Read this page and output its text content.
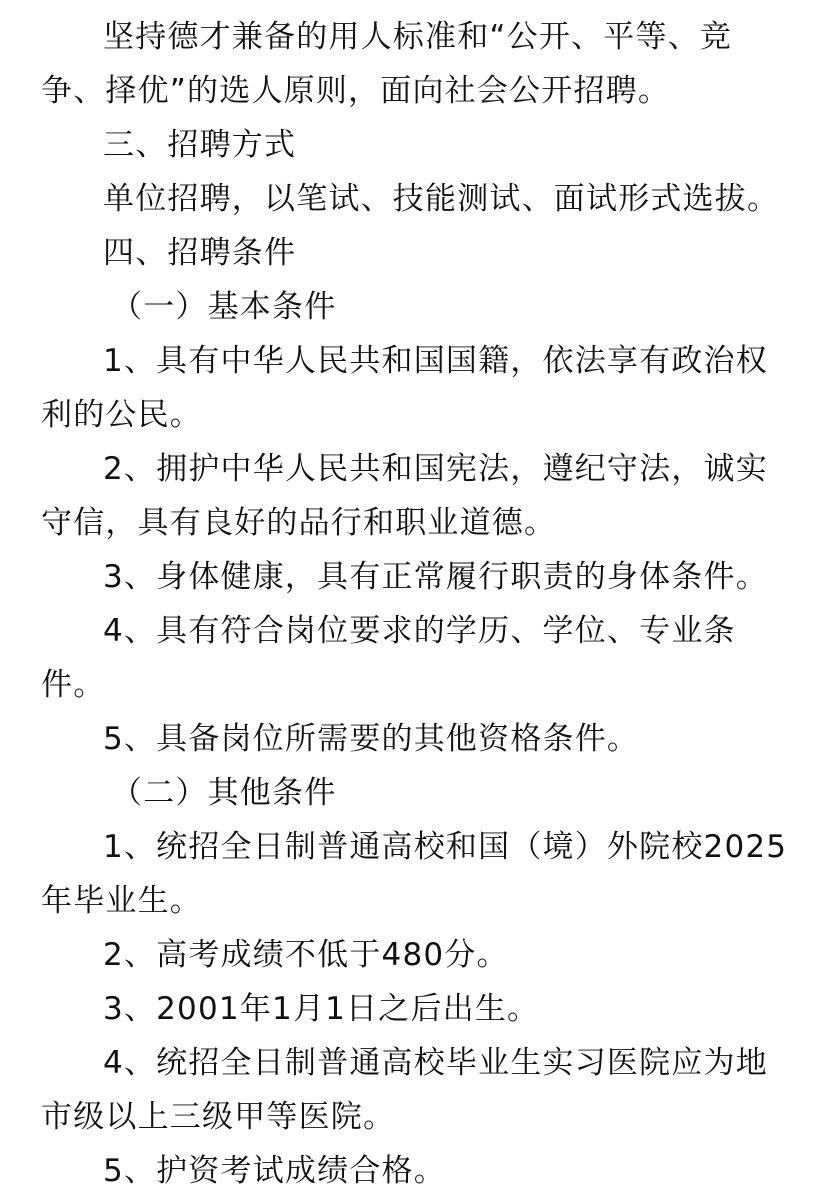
坚持德才兼备的用人标准和“公开、平等、竞争、择优”的选人原则，面向社会公开招聘。

三、招聘方式

单位招聘，以笔试、技能测试、面试形式选拔。

四、招聘条件

（一）基本条件

1、具有中华人民共和国国籍，依法享有政治权利的公民。

2、拥护中华人民共和国宪法，遵纪守法，诚实守信，具有良好的品行和职业道德。

3、身体健康，具有正常履行职责的身体条件。

4、具有符合岗位要求的学历、学位、专业条件。

5、具备岗位所需要的其他资格条件。

（二）其他条件

1、统招全日制普通高校和国（境）外院校2025年毕业生。

2、高考成绩不低于480分。

3、2001年1月1日之后出生。

4、统招全日制普通高校毕业生实习医院应为地市级以上三级甲等医院。

5、护资考试成绩合格。
